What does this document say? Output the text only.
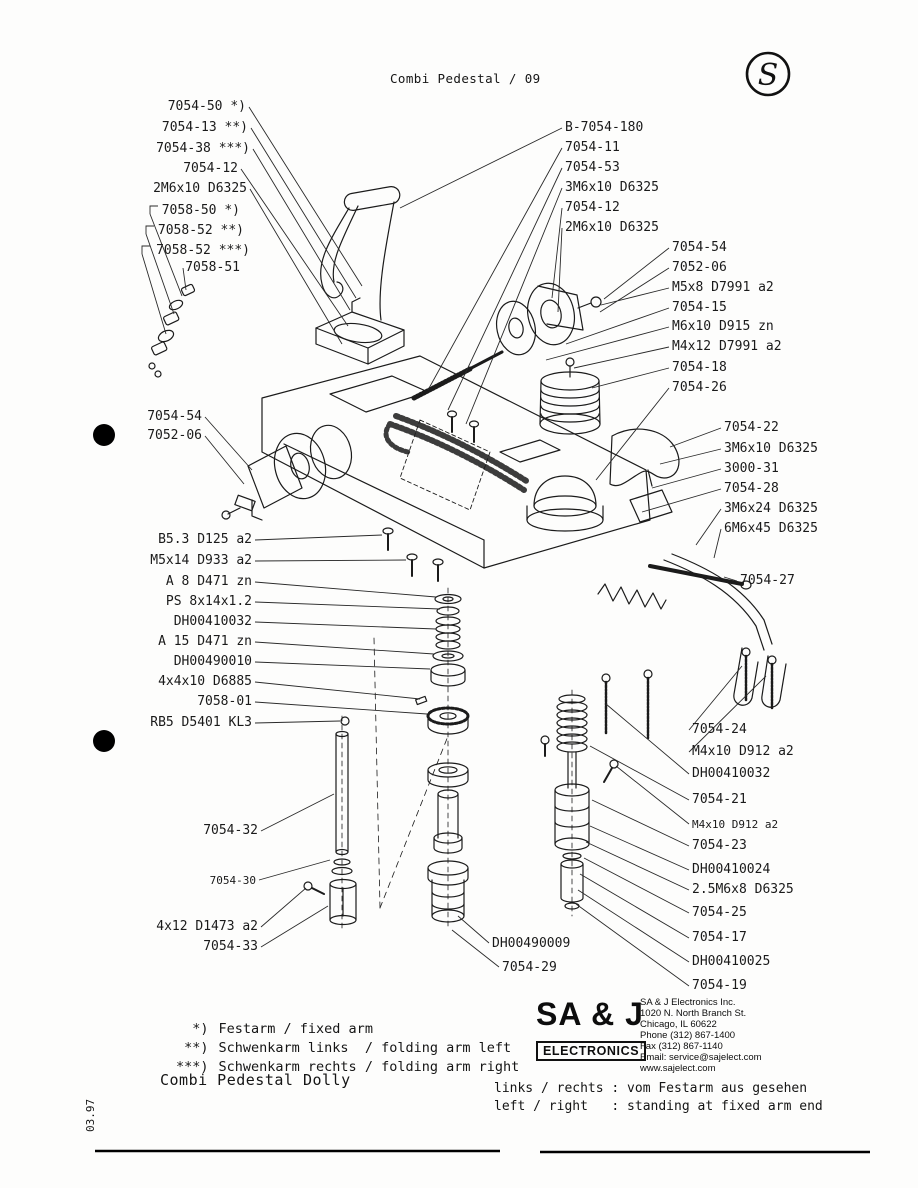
S
Combi Pedestal / 09
7054-50 *)
7054-13 **)
7054-38 ***)
7054-12
2M6x10 D6325
7058-50 *)
7058-52 **)
7058-52 ***)
7058-51
B-7054-180
7054-11
7054-53
3M6x10 D6325
7054-12
2M6x10 D6325
7054-54
7052-06
M5x8 D7991 a2
7054-15
M6x10 D915 zn
M4x12 D7991 a2
7054-18
7054-26
7054-22
3M6x10 D6325
3000-31
7054-28
3M6x24 D6325
6M6x45 D6325
7054-27
7054-54
7052-06
B5.3 D125 a2
M5x14 D933 a2
A 8 D471 zn
PS 8x14x1.2
DH00410032
A 15 D471 zn
DH00490010
4x4x10 D6885
7058-01
RB5 D5401 KL3
7054-32
7054-30
4x12 D1473 a2
7054-33	DH00490009
7054-29
7054-24
M4x10 D912 a2
DH00410032
7054-21
M4x10 D912 a2
7054-23
DH00410024
2.5M6x8 D6325
7054-25
7054-17
DH00410025
7054-19

*) Festarm / fixed arm

**) Schwenkarm links  / folding arm left

***) Schwenkarm rechts / folding arm right

Combi Pedestal Dolly
SA & J
ELECTRONICS
SA & J Electronics Inc.
1020 N. North Branch St.
Chicago, IL 60622
Phone (312) 867-1400
Fax (312) 867-1140
Email: service@sajelect.com
www.sajelect.com
links / rechts : vom Festarm aus gesehen
left / right   : standing at fixed arm end
03.97
